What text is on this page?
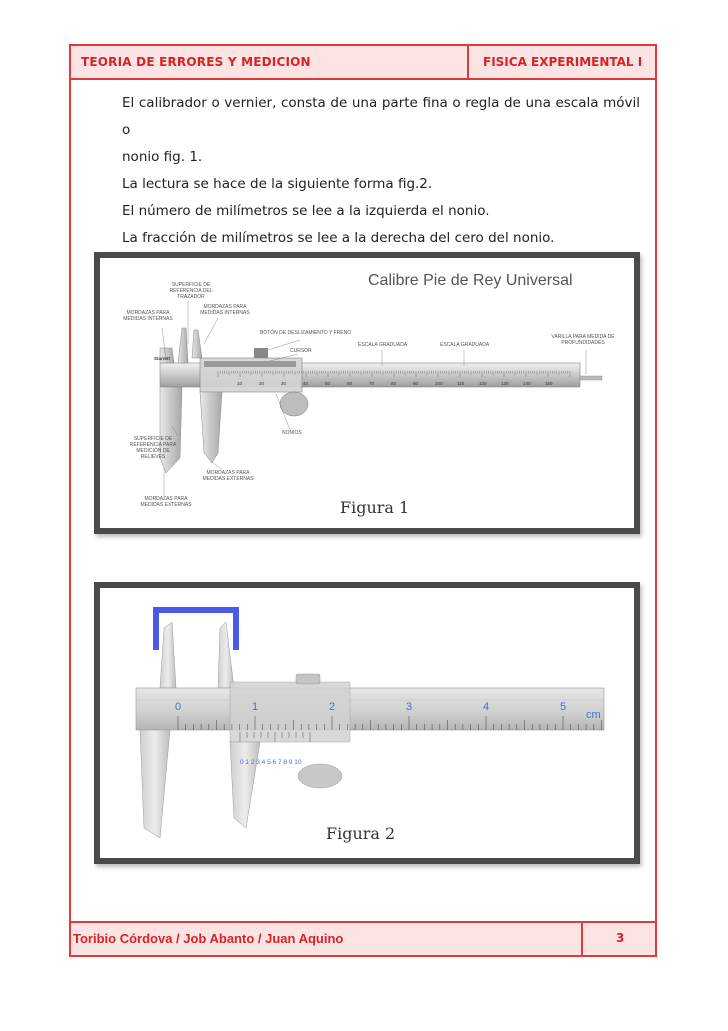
TEORIA DE ERRORES Y MEDICION	FISICA EXPERIMENTAL I

El calibrador o vernier, consta de una parte fina o regla de una escala móvil o

nonio fig. 1.

La lectura se hace de la siguiente forma fig.2.

El número de milímetros se lee a la izquierda el nonio.

La fracción de milímetros se lee a la derecha del cero del nonio.

10	20	30	40	50	60	70	80	90	100	110	120	130	140	150
Calibre Pie de Rey Universal
Starrett
SUPERFICIE DE REFERENCIA DEL TRAZADOR
MORDAZAS PARA MEDIDAS INTERNAS
MORDAZAS PARA MEDIDAS INTERNAS
BOTÓN DE DESLIZAMIENTO Y FRENO
CURSOR
ESCALA GRADUADA	ESCALA GRADUADA
VARILLA PARA MEDIDA DE PROFUNDIDADES
SUPERFICIE DE REFERENCIA PARA MEDICIÓN DE RELIEVES
NONIOS
MORDAZAS PARA MEDIDAS EXTERNAS
MORDAZAS PARA MEDIDAS EXTERNAS	Figura 1
0	1	2	3	4	5
cm
0 1 2 3 4 5 6 7 8 9 10
Figura 2
Toribio Córdova / Job Abanto / Juan Aquino	3
